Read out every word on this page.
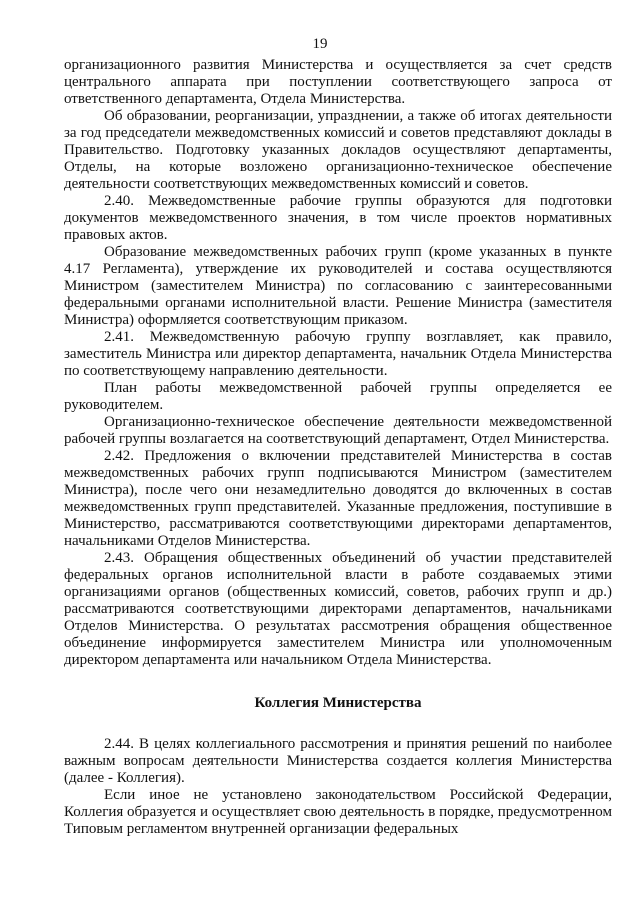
19

организационного развития Министерства и осуществляется за счет средств центрального аппарата при поступлении соответствующего запроса от ответственного департамента, Отдела Министерства.

Об образовании, реорганизации, упразднении, а также об итогах деятельности за год председатели межведомственных комиссий и советов представляют доклады в Правительство. Подготовку указанных докладов осуществляют департаменты, Отделы, на которые возложено организационно-техническое обеспечение деятельности соответствующих межведомственных комиссий и советов.

2.40. Межведомственные рабочие группы образуются для подготовки документов межведомственного значения, в том числе проектов нормативных правовых актов.

Образование межведомственных рабочих групп (кроме указанных в пункте 4.17 Регламента), утверждение их руководителей и состава осуществляются Министром (заместителем Министра) по согласованию с заинтересованными федеральными органами исполнительной власти. Решение Министра (заместителя Министра) оформляется соответствующим приказом.

2.41. Межведомственную рабочую группу возглавляет, как правило, заместитель Министра или директор департамента, начальник Отдела Министерства по соответствующему направлению деятельности.

План работы межведомственной рабочей группы определяется ее руководителем.

Организационно-техническое обеспечение деятельности межведомственной рабочей группы возлагается на соответствующий департамент, Отдел Министерства.

2.42. Предложения о включении представителей Министерства в состав межведомственных рабочих групп подписываются Министром (заместителем Министра), после чего они незамедлительно доводятся до включенных в состав межведомственных групп представителей. Указанные предложения, поступившие в Министерство, рассматриваются соответствующими директорами департаментов, начальниками Отделов Министерства.

2.43. Обращения общественных объединений об участии представителей федеральных органов исполнительной власти в работе создаваемых этими организациями органов (общественных комиссий, советов, рабочих групп и др.) рассматриваются соответствующими директорами департаментов, начальниками Отделов Министерства. О результатах рассмотрения обращения общественное объединение информируется заместителем Министра или уполномоченным директором департамента или начальником Отдела Министерства.

Коллегия Министерства

2.44. В целях коллегиального рассмотрения и принятия решений по наиболее важным вопросам деятельности Министерства создается коллегия Министерства (далее - Коллегия).

Если иное не установлено законодательством Российской Федерации, Коллегия образуется и осуществляет свою деятельность в порядке, предусмотренном Типовым регламентом внутренней организации федеральных
